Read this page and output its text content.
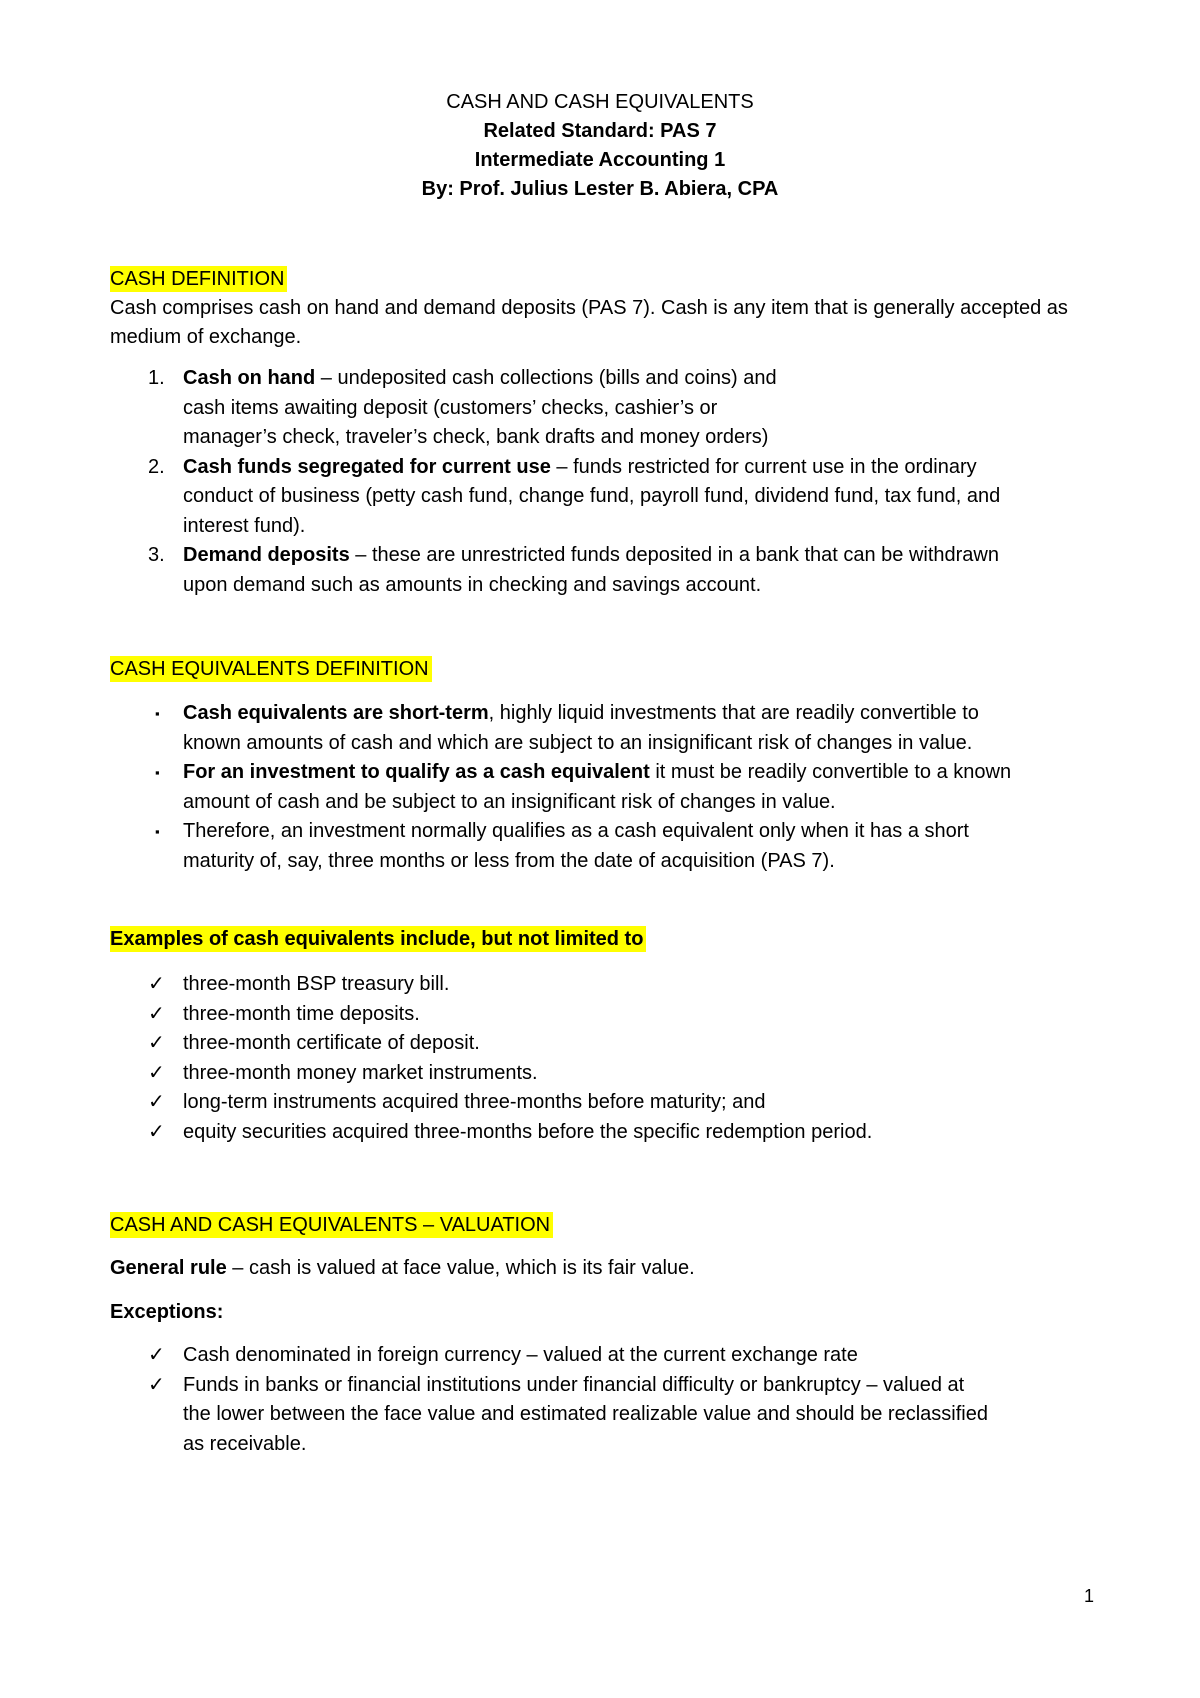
CASH AND CASH EQUIVALENTS
Related Standard: PAS 7
Intermediate Accounting 1
By: Prof. Julius Lester B. Abiera, CPA
CASH DEFINITION

Cash comprises cash on hand and demand deposits (PAS 7). Cash is any item that is generally accepted as medium of exchange.

1. Cash on hand – undeposited cash collections (bills and coins) and
cash items awaiting deposit (customers’ checks, cashier’s or
manager’s check, traveler’s check, bank drafts and money orders)
2. Cash funds segregated for current use – funds restricted for current use in the ordinary
conduct of business (petty cash fund, change fund, payroll fund, dividend fund, tax fund, and
interest fund).
3. Demand deposits – these are unrestricted funds deposited in a bank that can be withdrawn
upon demand such as amounts in checking and savings account.
CASH EQUIVALENTS DEFINITION
▪	Cash equivalents are short-term, highly liquid investments that are readily convertible to
known amounts of cash and which are subject to an insignificant risk of changes in value.
▪	For an investment to qualify as a cash equivalent it must be readily convertible to a known
amount of cash and be subject to an insignificant risk of changes in value.
▪	Therefore, an investment normally qualifies as a cash equivalent only when it has a short
maturity of, say, three months or less from the date of acquisition (PAS 7).
Examples of cash equivalents include, but not limited to
✓ three-month BSP treasury bill.
✓ three-month time deposits.
✓ three-month certificate of deposit.
✓ three-month money market instruments.
✓ long-term instruments acquired three-months before maturity; and
✓ equity securities acquired three-months before the specific redemption period.
CASH AND CASH EQUIVALENTS – VALUATION

General rule – cash is valued at face value, which is its fair value.

Exceptions:

✓ Cash denominated in foreign currency – valued at the current exchange rate
✓ Funds in banks or financial institutions under financial difficulty or bankruptcy – valued at
the lower between the face value and estimated realizable value and should be reclassified
as receivable.
1
